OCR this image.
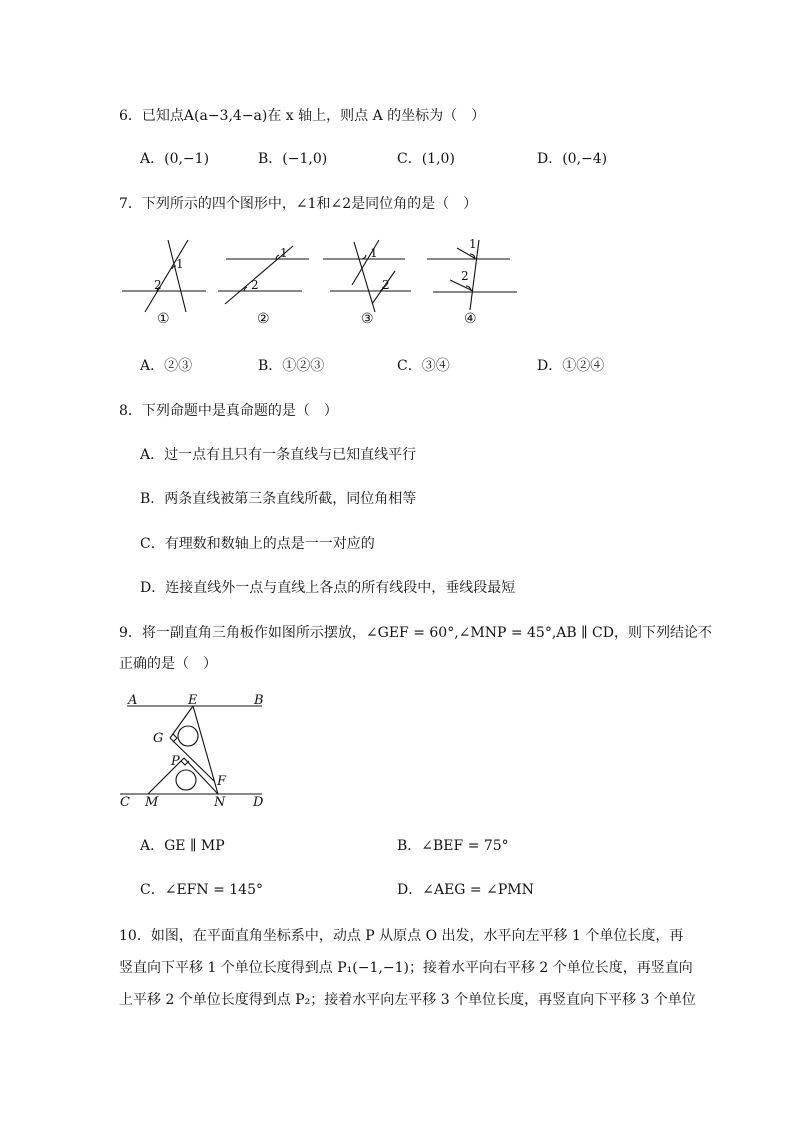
6．已知点A(a−3,4−a)在 x 轴上，则点 A 的坐标为（　）
A．(0,−1)	B．(−1,0)	C．(1,0)	D．(0,−4)
7．下列所示的四个图形中，∠1和∠2是同位角的是（　）
1
2
1
2
1
2
1
2
①	②	③	④
A．②③	B．①②③	C．③④	D．①②④
8．下列命题中是真命题的是（　）
A．过一点有且只有一条直线与已知直线平行
B．两条直线被第三条直线所截，同位角相等
C．有理数和数轴上的点是一一对应的
D．连接直线外一点与直线上各点的所有线段中，垂线段最短
9．将一副直角三角板作如图所示摆放，∠GEF = 60°,∠MNP = 45°,AB ∥ CD，则下列结论不
正确的是（　）
A	E	B
G
P
F
C M	N D
A．GE ∥ MP	B．∠BEF = 75°
C．∠EFN = 145°	D．∠AEG = ∠PMN
10．如图，在平面直角坐标系中，动点 P 从原点 O 出发，水平向左平移 1 个单位长度，再
竖直向下平移 1 个单位长度得到点 P₁(−1,−1)；接着水平向右平移 2 个单位长度，再竖直向
上平移 2 个单位长度得到点 P₂；接着水平向左平移 3 个单位长度，再竖直向下平移 3 个单位
